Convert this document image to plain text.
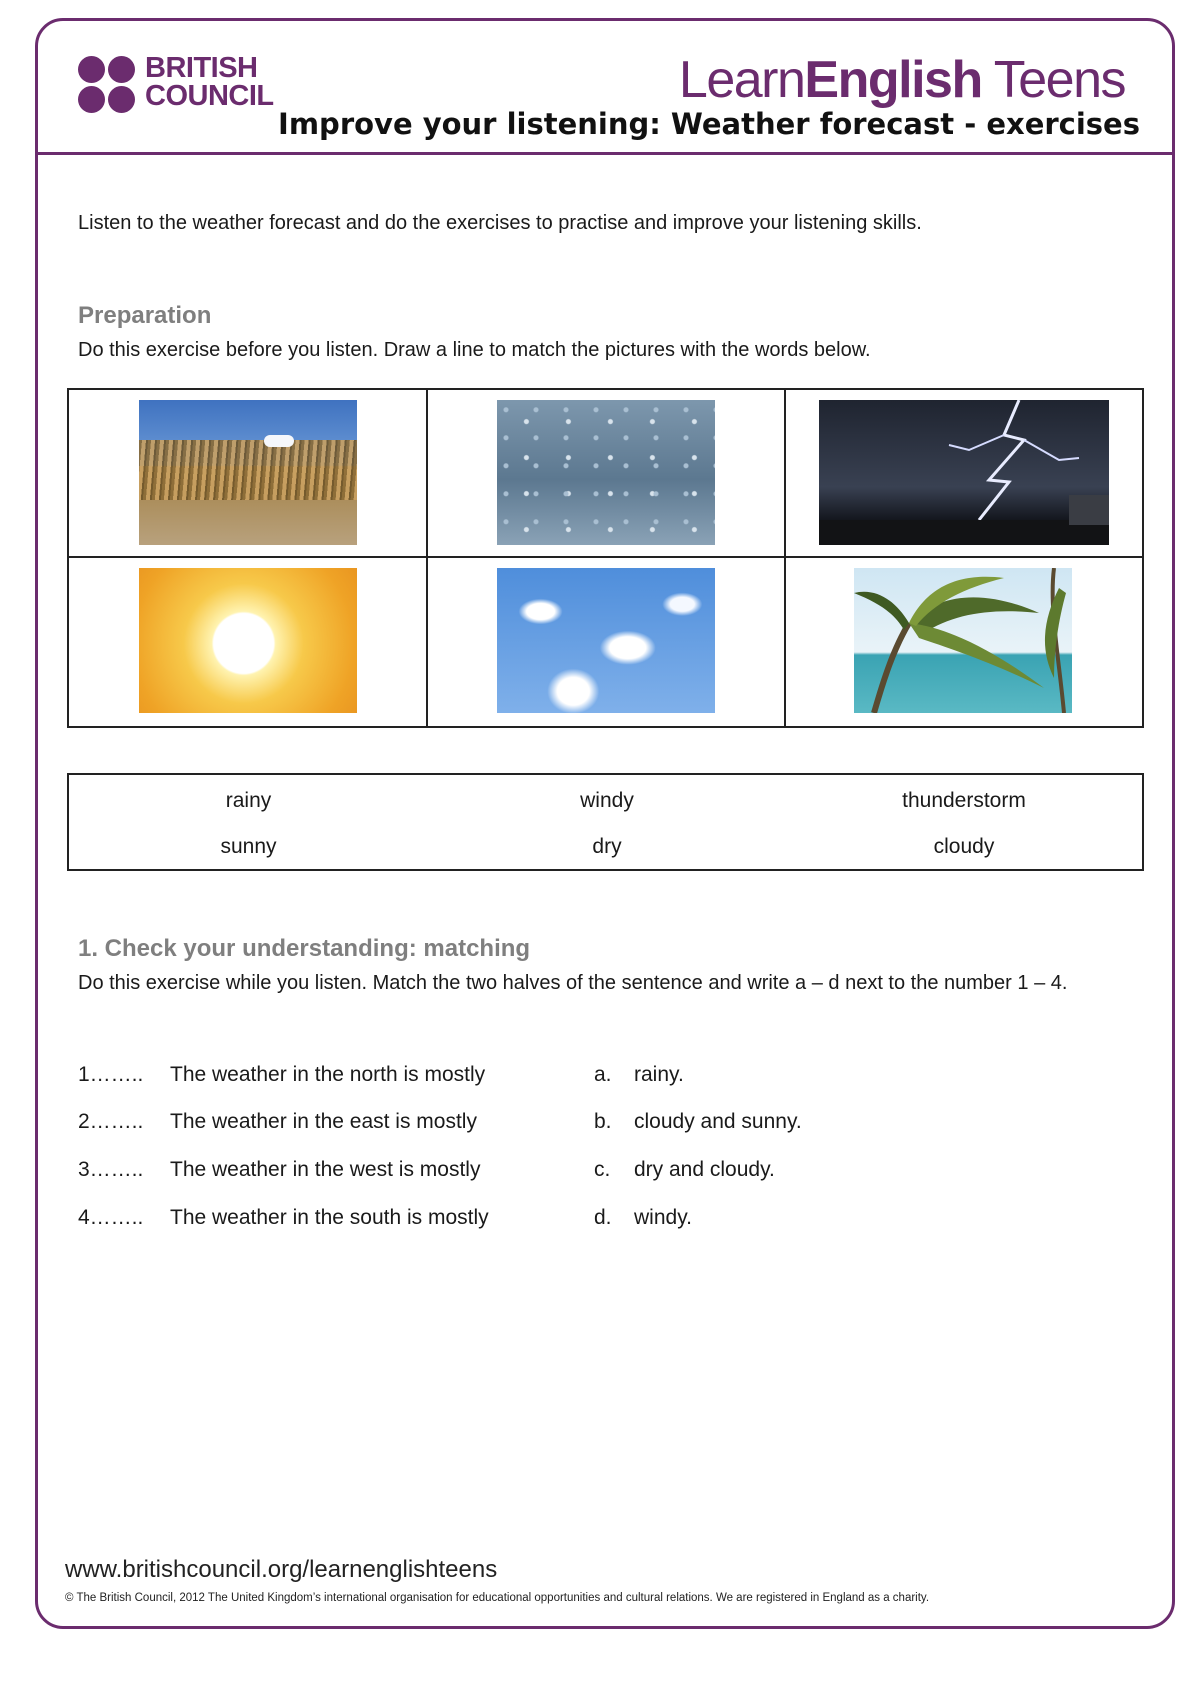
BRITISH
COUNCIL	LearnEnglish Teens
Improve your listening: Weather forecast - exercises
Listen to the weather forecast and do the exercises to practise and improve your listening skills.
Preparation
Do this exercise before you listen. Draw a line to match the pictures with the words below.
rainy	windy	thunderstorm
sunny	dry	cloudy
1. Check your understanding: matching
Do this exercise while you listen. Match the two halves of the sentence and write a – d next to the number 1 – 4.
1……..	The weather in the north is mostly	a. rainy.
2……..	The weather in the east is mostly	b. cloudy and sunny.
3……..	The weather in the west is mostly	c. dry and cloudy.
4……..	The weather in the south is mostly	d. windy.
www.britishcouncil.org/learnenglishteens
© The British Council, 2012 The United Kingdom’s international organisation for educational opportunities and cultural relations. We are registered in England as a charity.
